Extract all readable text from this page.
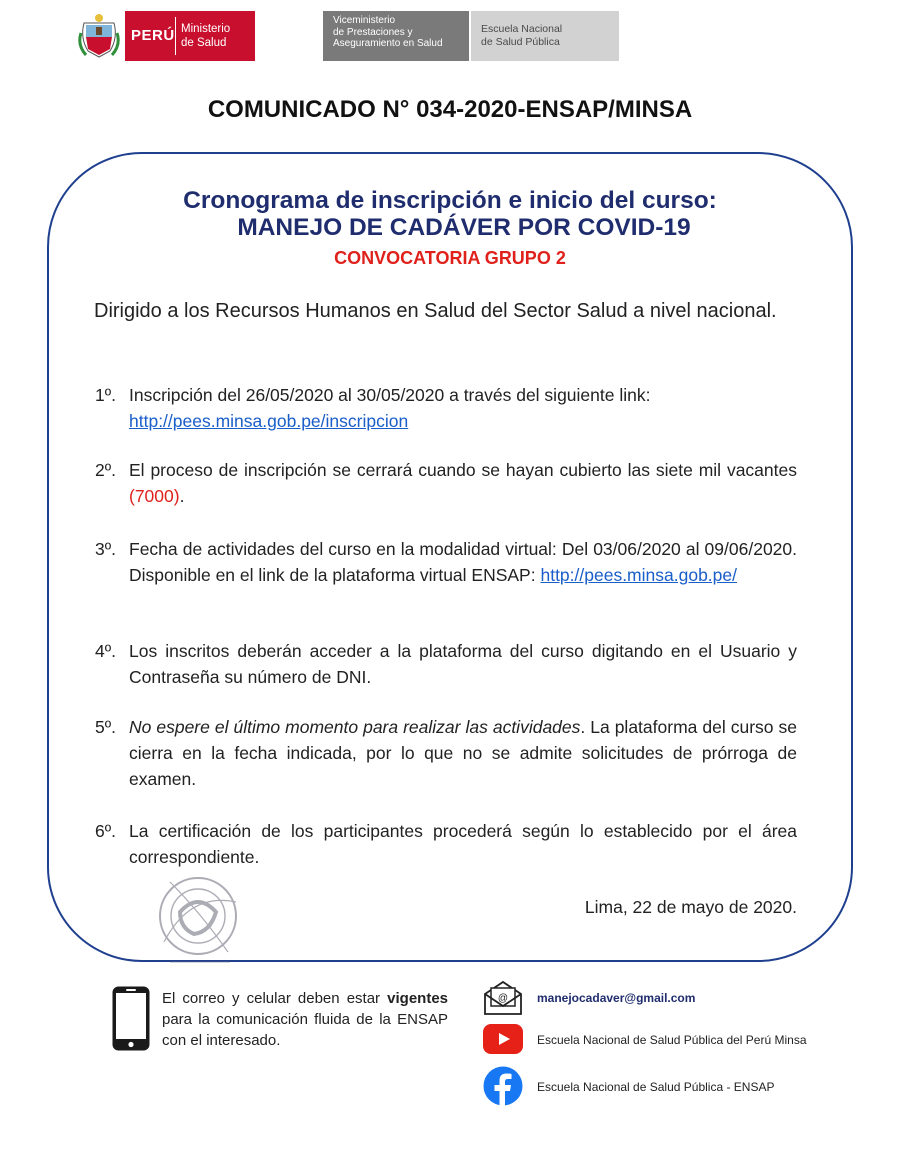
PERÚ Ministerio
de Salud
Viceministerio
de Prestaciones y
Aseguramiento en Salud
Escuela Nacional
de Salud Pública
COMUNICADO N° 034-2020-ENSAP/MINSA
Cronograma de inscripción e inicio del curso:
MANEJO DE CADÁVER POR COVID-19
CONVOCATORIA GRUPO 2
Dirigido a los Recursos Humanos en Salud del Sector Salud a nivel nacional.
1º. Inscripción del 26/05/2020 al 30/05/2020 a través del siguiente link:
http://pees.minsa.gob.pe/inscripcion
2º. El proceso de inscripción se cerrará cuando se hayan cubierto las siete mil vacantes (7000).
3º. Fecha de actividades del curso en la modalidad virtual: Del 03/06/2020 al 09/06/2020. Disponible en el link de la plataforma virtual ENSAP: http://pees.minsa.gob.pe/
4º. Los inscritos deberán acceder a la plataforma del curso digitando en el Usuario y Contraseña su número de DNI.
5º. No espere el último momento para realizar las actividades. La plataforma del curso se cierra en la fecha indicada, por lo que no se admite solicitudes de prórroga de examen.
6º. La certificación de los participantes procederá según lo establecido por el área correspondiente.
Lima, 22 de mayo de 2020.
El correo y celular deben estar vigentes para la comunicación fluida de la ENSAP con el interesado.
@ manejocadaver@gmail.com
Escuela Nacional de Salud Pública del Perú Minsa
Escuela Nacional de Salud Pública - ENSAP
